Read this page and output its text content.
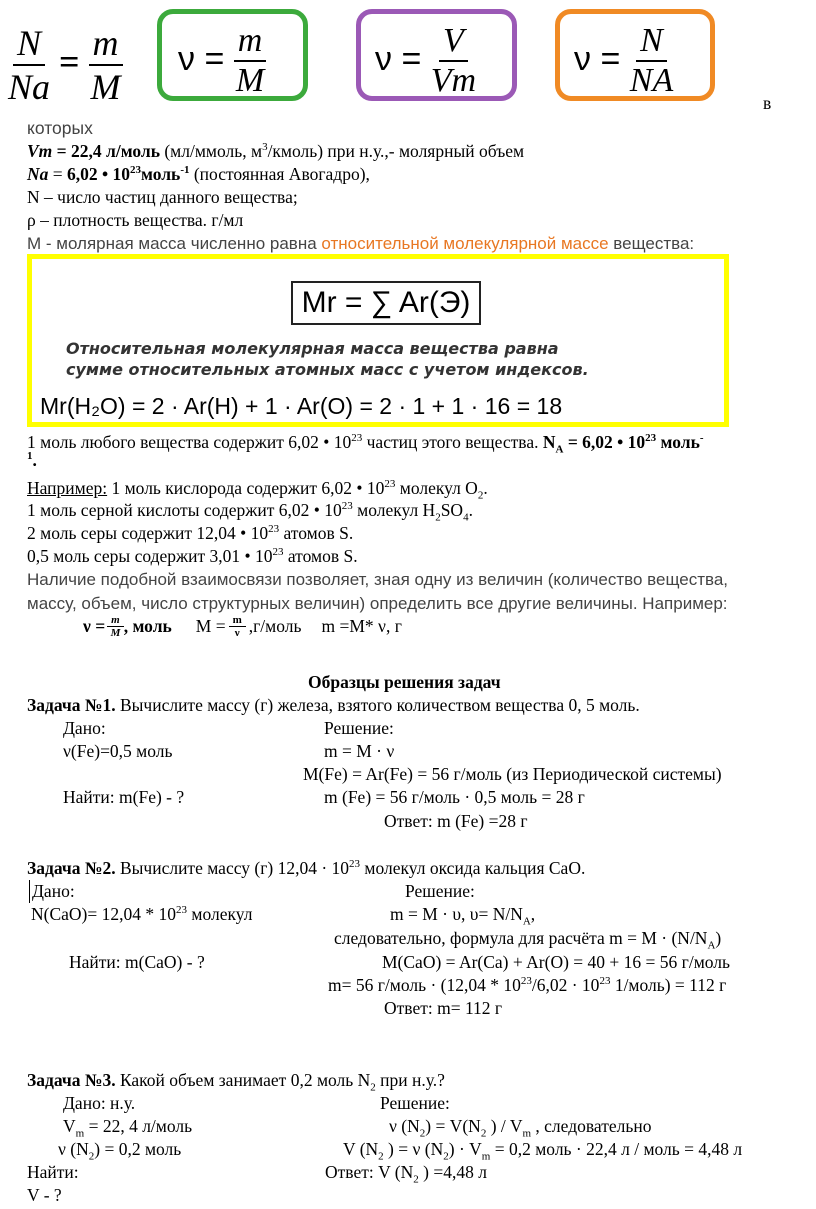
$\frac{N}{Na} = \frac{m}{M}$ $\nu = \frac{m}{M}$	$\nu = \frac{V}{Vm}$	$\nu = \frac{N}{NA}$
в
которых
Vm = 22,4 л/моль (мл/ммоль, $м^3/кмоль$) при н.у.,- молярный объем
Na = 6,02 • $10^{23}моль^{-1}$ (постоянная Авогадро),
N – число частиц данного вещества;
ρ – плотность вещества. г/мл
М - молярная масса численно равна относительной молекулярной массе вещества:
Mr = ∑ Ar(Э)
Относительная молекулярная масса вещества равна
сумме относительных атомных масс с учетом индексов.
Mr(H₂O) = 2 · Ar(H) + 1 · Ar(O) = 2 · 1 + 1 · 16 = 18
1 моль любого вещества содержит 6,02 • $10^{23}$ частиц этого вещества. $N_A = 6,02$ • $10^{23}$ моль-
$^1$.
Например: 1 моль кислорода содержит 6,02 • $10^{23}$ молекул $O_2$.
1 моль серной кислоты содержит 6,02 • $10^{23}$ молекул $H_2SO_4$.
2 моль серы содержит 12,04 • $10^{23}$ атомов S.
0,5 моль серы содержит 3,01 • $10^{23}$ атомов S.
Наличие подобной взаимосвязи позволяет, зная одну из величин (количество вещества,
массу, объем, число структурных величин) определить все другие величины. Например:
$\nu = \frac{m}{M}$ , моль $M = \frac{m}{\nu}$ ,г/моль m =M* ν, г
Образцы решения задач
Задача №1. Вычислите массу (г) железа, взятого количеством вещества 0, 5 моль.
Дано:	Решение:
ν(Fe)=0,5 моль	m = M · ν
M(Fe) = Ar(Fe) = 56 г/моль (из Периодической системы)
Найти: m(Fe) - ?	m (Fe) = 56 г/моль · 0,5 моль = 28 г
Ответ: m (Fe) =28 г
Задача №2. Вычислите массу (г) $12,04 \cdot 10^{23}$ молекул оксида кальция CaO.
Дано:	Решение:
$N(CaO)= 12,04 * 10^{23}$ молекул	m = M · υ, $\upsilon= N/N_A$,
следовательно, формула для расчёта $m = M \cdot (N/N_A)$
Найти: m(CaO) - ?	M(CaO) = Ar(Ca) + Ar(O) = 40 + 16 = 56 г/моль
m= 56 г/моль · ($12,04 * 10^{23}/6,02 \cdot 10^{23}$ 1/моль) = 112 г
Ответ: m= 112 г
Задача №3. Какой объем занимает 0,2 моль $N_2$ при н.у.?
Дано: н.у.	Решение:
$V_m = 22$, 4 л/моль	ν $(N_2) = V(N_2$ ) / $V_m$ , следовательно
ν $(N_2) = 0,2$ моль	V ($N_2$ ) = ν $(N_2) \cdot V_m = 0,2$ моль · 22,4 л / моль = 4,48 л
Найти:	Ответ: V ($N_2$ ) =4,48 л
V - ?
